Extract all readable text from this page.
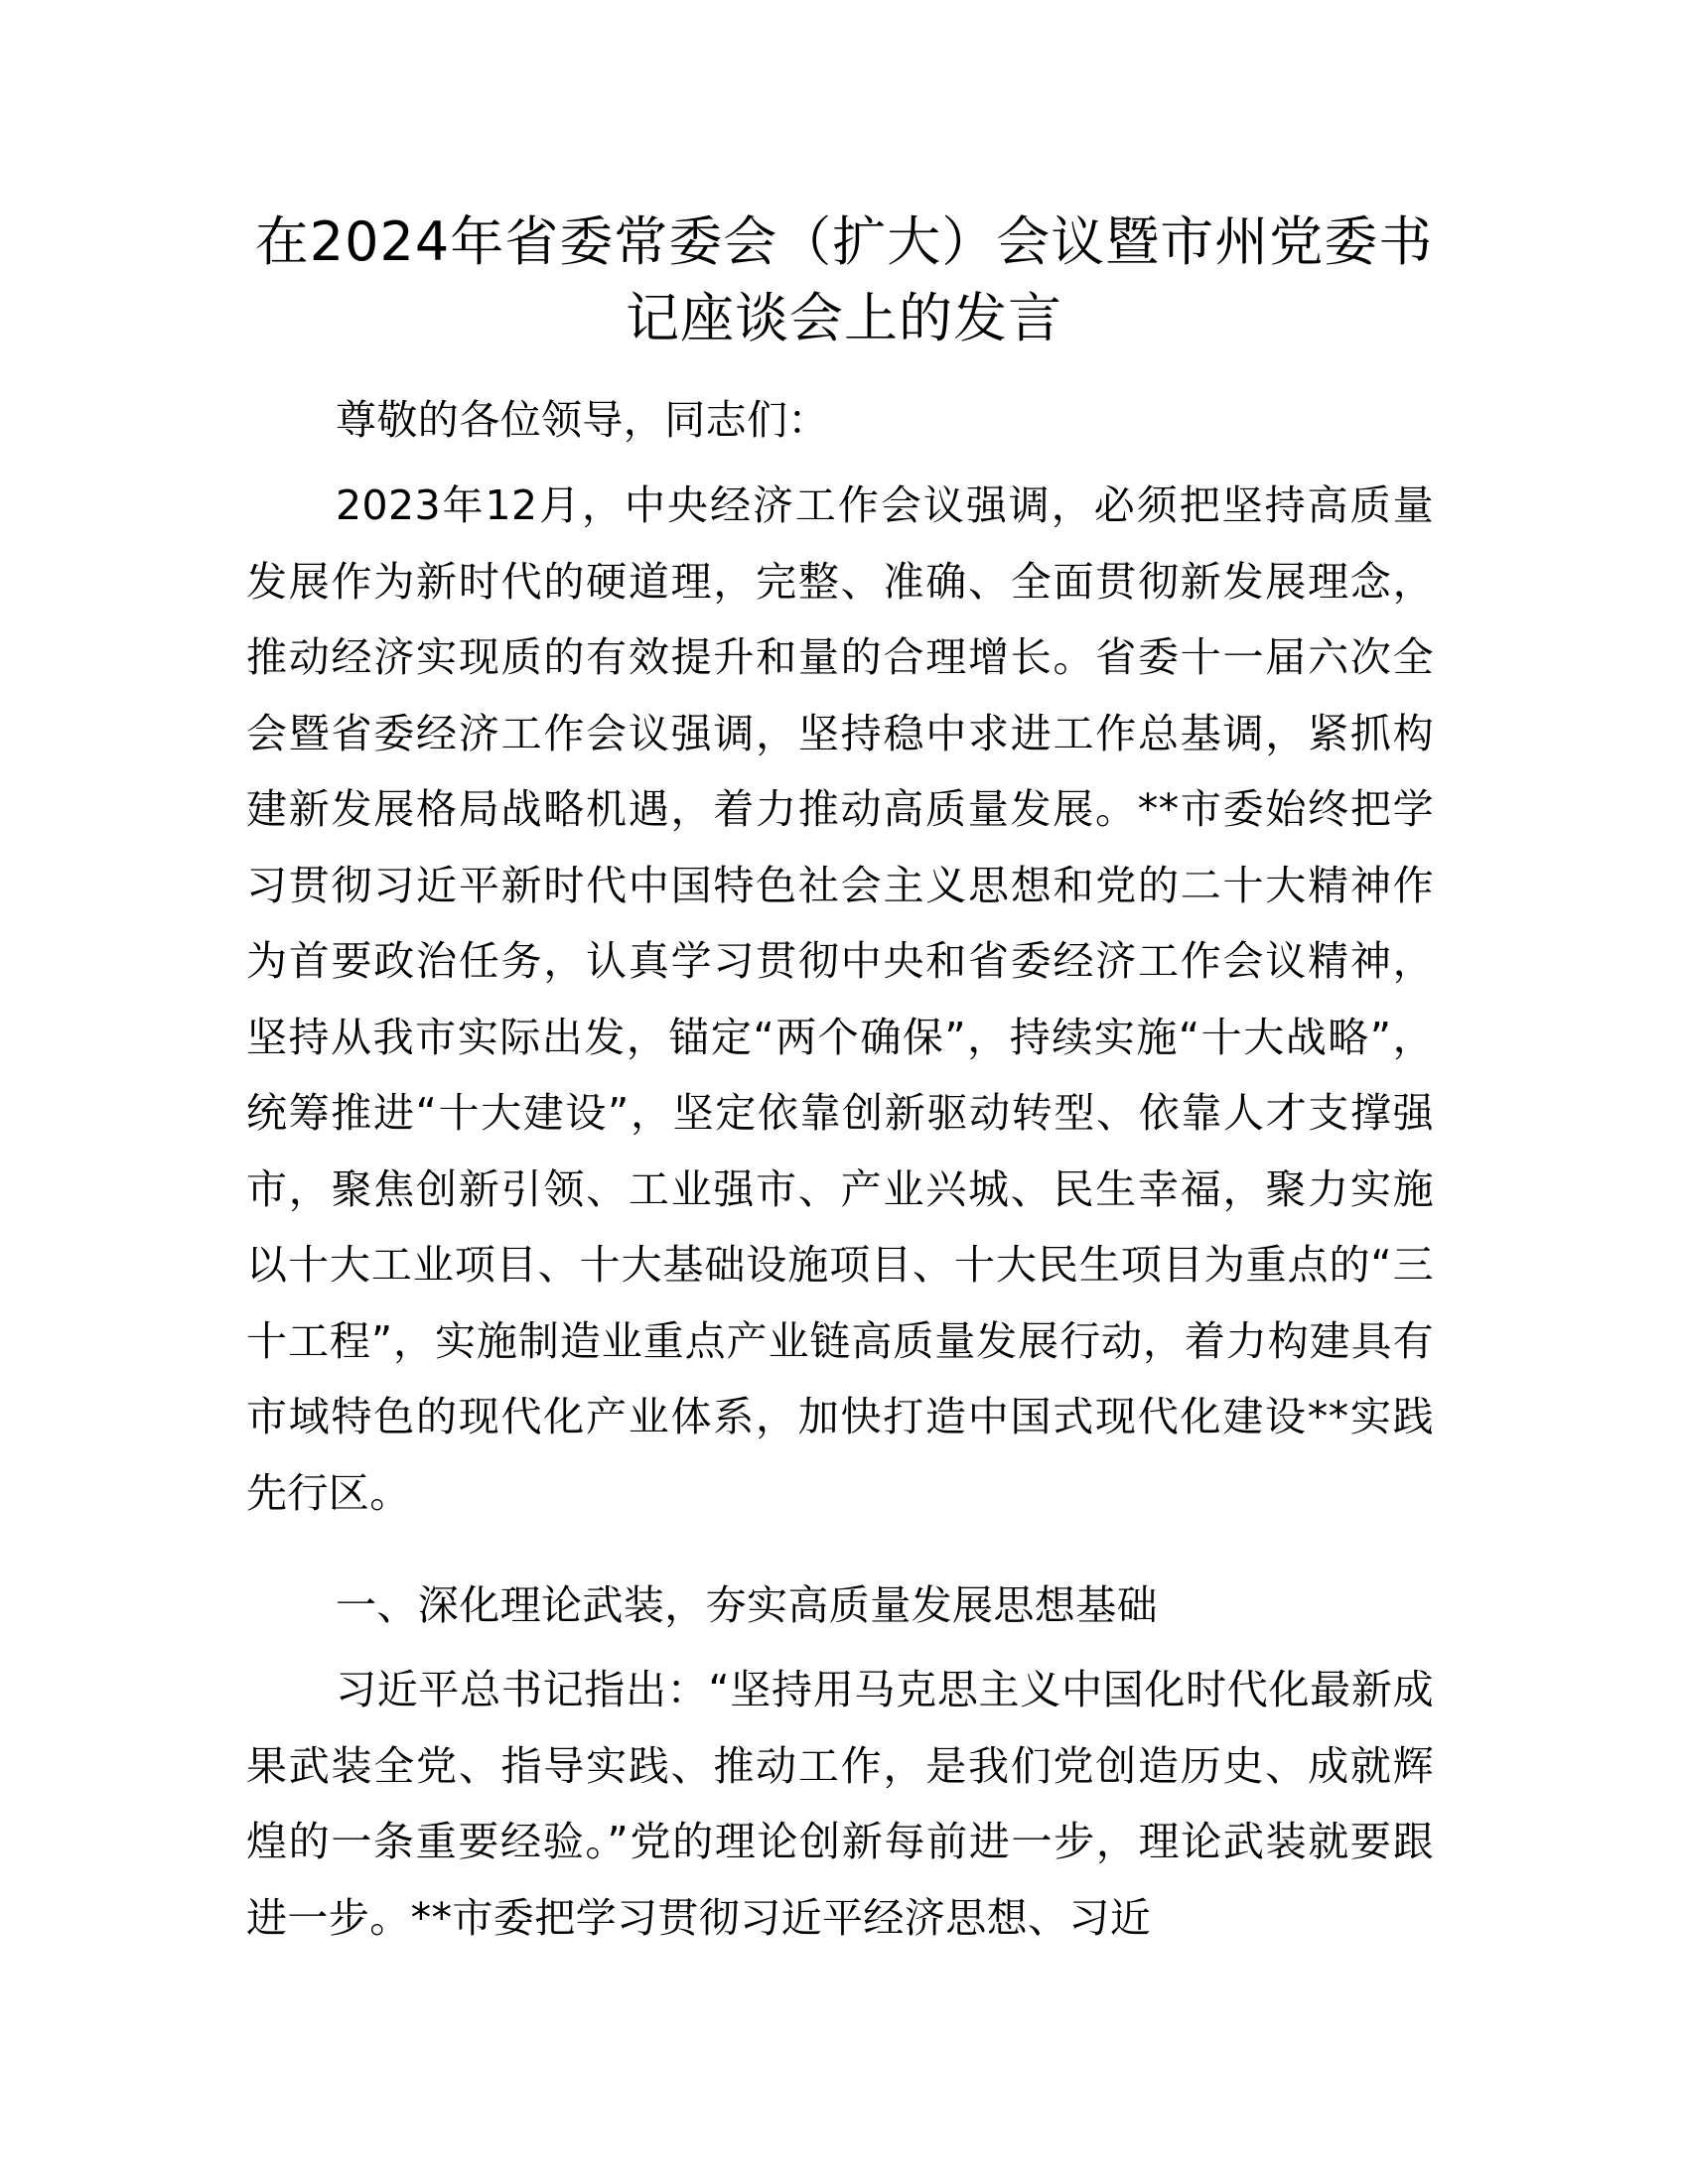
在2024年省委常委会（扩大）会议暨市州党委书记座谈会上的发言
尊敬的各位领导，同志们：
2023年12月，中央经济工作会议强调，必须把坚持高质量发展作为新时代的硬道理，完整、准确、全面贯彻新发展理念，推动经济实现质的有效提升和量的合理增长。省委十一届六次全会暨省委经济工作会议强调，坚持稳中求进工作总基调，紧抓构建新发展格局战略机遇，着力推动高质量发展。**市委始终把学习贯彻习近平新时代中国特色社会主义思想和党的二十大精神作为首要政治任务，认真学习贯彻中央和省委经济工作会议精神，坚持从我市实际出发，锚定“两个确保”，持续实施“十大战略”，统筹推进“十大建设”，坚定依靠创新驱动转型、依靠人才支撑强市，聚焦创新引领、工业强市、产业兴城、民生幸福，聚力实施以十大工业项目、十大基础设施项目、十大民生项目为重点的“三十工程”，实施制造业重点产业链高质量发展行动，着力构建具有市域特色的现代化产业体系，加快打造中国式现代化建设**实践先行区。
一、深化理论武装，夯实高质量发展思想基础
习近平总书记指出：“坚持用马克思主义中国化时代化最新成果武装全党、指导实践、推动工作，是我们党创造历史、成就辉煌的一条重要经验。”党的理论创新每前进一步，理论武装就要跟进一步。**市委把学习贯彻习近平经济思想、习近
